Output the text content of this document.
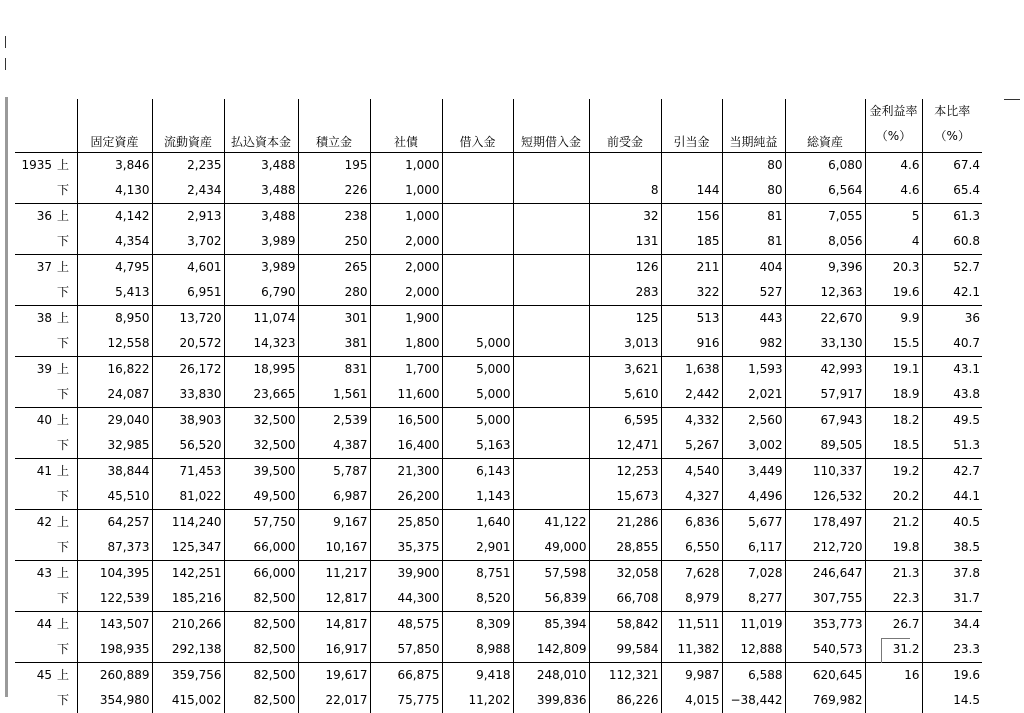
		固定資産	流動資産	払込資本金	積立金	社債	借入金	短期借入金	前受金	引当金	当期純益	総資産	金利益率 （%）	本比率 （%）
1935	上	3,846	2,235	3,488	195	1,000					80	6,080	4.6	67.4
	下	4,130	2,434	3,488	226	1,000			8	144	80	6,564	4.6	65.4
36	上	4,142	2,913	3,488	238	1,000			32	156	81	7,055	5	61.3
	下	4,354	3,702	3,989	250	2,000			131	185	81	8,056	4	60.8
37	上	4,795	4,601	3,989	265	2,000			126	211	404	9,396	20.3	52.7
	下	5,413	6,951	6,790	280	2,000			283	322	527	12,363	19.6	42.1
38	上	8,950	13,720	11,074	301	1,900			125	513	443	22,670	9.9	36
	下	12,558	20,572	14,323	381	1,800	5,000		3,013	916	982	33,130	15.5	40.7
39	上	16,822	26,172	18,995	831	1,700	5,000		3,621	1,638	1,593	42,993	19.1	43.1
	下	24,087	33,830	23,665	1,561	11,600	5,000		5,610	2,442	2,021	57,917	18.9	43.8
40	上	29,040	38,903	32,500	2,539	16,500	5,000		6,595	4,332	2,560	67,943	18.2	49.5
	下	32,985	56,520	32,500	4,387	16,400	5,163		12,471	5,267	3,002	89,505	18.5	51.3
41	上	38,844	71,453	39,500	5,787	21,300	6,143		12,253	4,540	3,449	110,337	19.2	42.7
	下	45,510	81,022	49,500	6,987	26,200	1,143		15,673	4,327	4,496	126,532	20.2	44.1
42	上	64,257	114,240	57,750	9,167	25,850	1,640	41,122	21,286	6,836	5,677	178,497	21.2	40.5
	下	87,373	125,347	66,000	10,167	35,375	2,901	49,000	28,855	6,550	6,117	212,720	19.8	38.5
43	上	104,395	142,251	66,000	11,217	39,900	8,751	57,598	32,058	7,628	7,028	246,647	21.3	37.8
	下	122,539	185,216	82,500	12,817	44,300	8,520	56,839	66,708	8,979	8,277	307,755	22.3	31.7
44	上	143,507	210,266	82,500	14,817	48,575	8,309	85,394	58,842	11,511	11,019	353,773	26.7	34.4
	下	198,935	292,138	82,500	16,917	57,850	8,988	142,809	99,584	11,382	12,888	540,573	31.2	23.3
45	上	260,889	359,756	82,500	19,617	66,875	9,418	248,010	112,321	9,987	6,588	620,645	16	19.6
	下	354,980	415,002	82,500	22,017	75,775	11,202	399,836	86,226	4,015	−38,442	769,982		14.5
